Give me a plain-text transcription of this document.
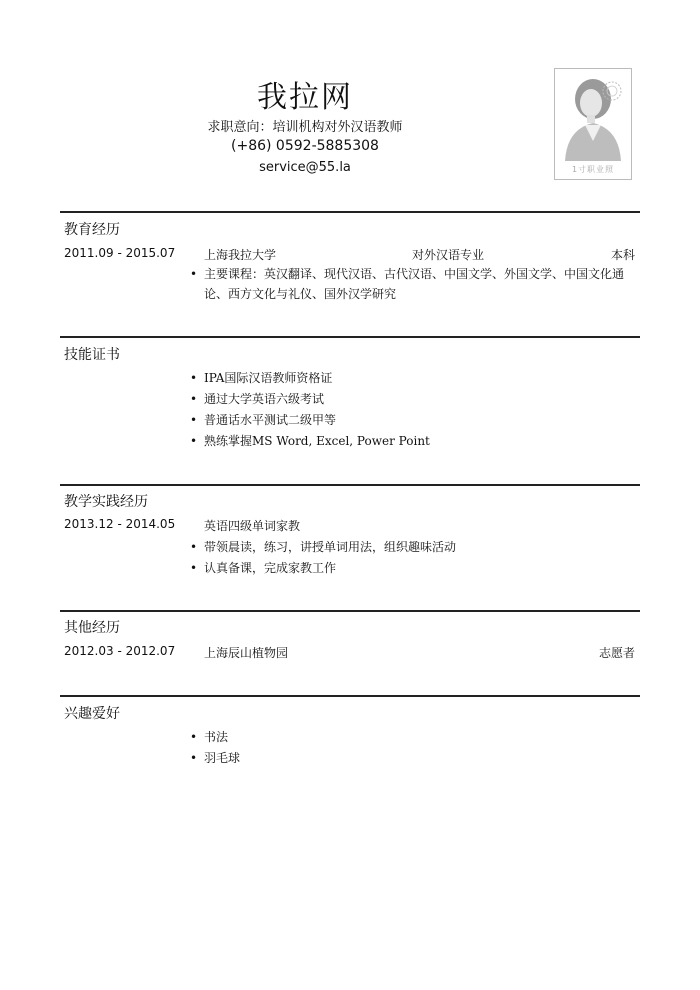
我拉网
求职意向：培训机构对外汉语教师
(+86) 0592-5885308
service@55.la	1寸职业照
教育经历
2011.09 - 2015.07 上海我拉大学	对外汉语专业	本科
• 主要课程：英汉翻译、现代汉语、古代汉语、中国文学、外国文学、中国文化通论、西方文化与礼仪、国外汉学研究
技能证书
• IPA国际汉语教师资格证
• 通过大学英语六级考试
• 普通话水平测试二级甲等
• 熟练掌握MS Word, Excel, Power Point
教学实践经历
2013.12 - 2014.05 英语四级单词家教
• 带领晨读，练习，讲授单词用法，组织趣味活动
• 认真备课，完成家教工作
其他经历
2012.03 - 2012.07 上海辰山植物园	志愿者
兴趣爱好
• 书法
• 羽毛球
